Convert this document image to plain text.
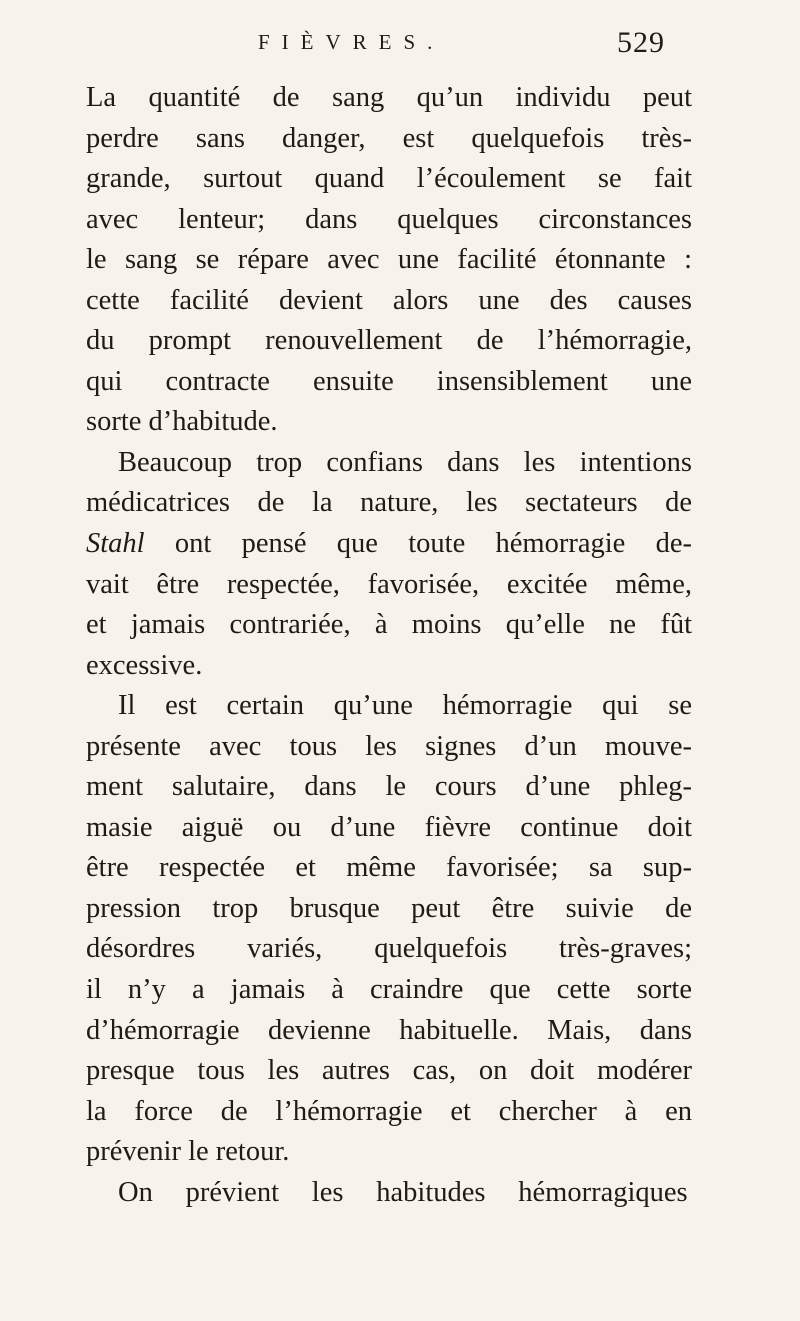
FIÈVRES.	529
La quantité de sang qu’un individu peut
perdre sans danger, est quelquefois très-
grande, surtout quand l’écoulement se fait
avec lenteur; dans quelques circonstances
le sang se répare avec une facilité étonnante :
cette facilité devient alors une des causes
du prompt renouvellement de l’hémorragie,
qui contracte ensuite insensiblement une
sorte d’habitude.
Beaucoup trop confians dans les intentions
médicatrices de la nature, les sectateurs de
Stahl ont pensé que toute hémorragie de-
vait être respectée, favorisée, excitée même,
et jamais contrariée, à moins qu’elle ne fût
excessive.
Il est certain qu’une hémorragie qui se
présente avec tous les signes d’un mouve-
ment salutaire, dans le cours d’une phleg-
masie aiguë ou d’une fièvre continue doit
être respectée et même favorisée; sa sup-
pression trop brusque peut être suivie de
désordres variés, quelquefois très-graves;
il n’y a jamais à craindre que cette sorte
d’hémorragie devienne habituelle. Mais, dans
presque tous les autres cas, on doit modérer
la force de l’hémorragie et chercher à en
prévenir le retour.
On prévient les habitudes hémorragiques
